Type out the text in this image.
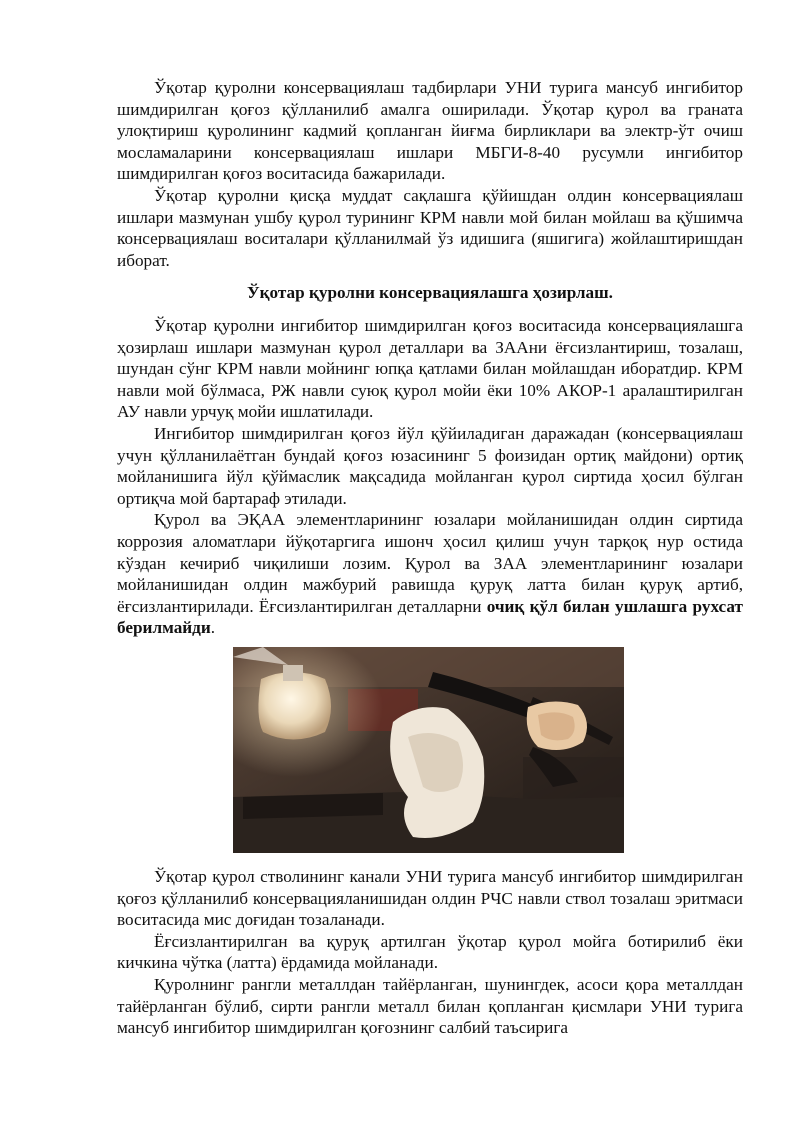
Ўқотар қуролни консервациялаш тадбирлари УНИ турига мансуб ингибитор шимдирилган қоғоз қўлланилиб амалга оширилади. Ўқотар қурол ва граната улоқтириш қуролининг кадмий қопланган йиғма бирликлари ва электр-ўт очиш мосламаларини консервациялаш ишлари МБГИ-8-40 русумли ингибитор шимдирилган қоғоз воситасида бажарилади.

Ўқотар қуролни қисқа муддат сақлашга қўйишдан олдин консервациялаш ишлари мазмунан ушбу қурол турининг КРМ навли мой билан мойлаш ва қўшимча консервациялаш воситалари қўлланилмай ўз идишига (яшигига) жойлаштиришдан иборат.

Ўқотар қуролни консервациялашга ҳозирлаш.

Ўқотар қуролни ингибитор шимдирилган қоғоз воситасида консервациялашга ҳозирлаш ишлари мазмунан қурол деталлари ва ЗААни ёғсизлантириш, тозалаш, шундан сўнг КРМ навли мойнинг юпқа қатлами билан мойлашдан иборатдир. КРМ навли мой бўлмаса, РЖ навли суюқ қурол мойи ёки 10% АКОР-1 аралаштирилган АУ навли урчуқ мойи ишлатилади.

Ингибитор шимдирилган қоғоз йўл қўйиладиган даражадан (консервациялаш учун қўлланилаётган бундай қоғоз юзасининг 5 фоизидан ортиқ майдони) ортиқ мойланишига йўл қўймаслик мақсадида мойланган қурол сиртида ҳосил бўлган ортиқча мой бартараф этилади.

Қурол ва ЭҚАА элементларининг юзалари мойланишидан олдин сиртида коррозия аломатлари йўқотаргига ишонч ҳосил қилиш учун тарқоқ нур остида кўздан кечириб чиқилиши лозим. Қурол ва ЗАА элементларининг юзалари мойланишидан олдин мажбурий равишда қуруқ латта билан қуруқ артиб, ёғсизлантирилади. Ёғсизлантирилган деталларни очиқ қўл билан ушлашга рухсат берилмайди.

Ўқотар қурол стволининг канали УНИ турига мансуб ингибитор шимдирилган қоғоз қўлланилиб консервацияланишидан олдин РЧС навли ствол тозалаш эритмаси воситасида мис доғидан тозаланади.

Ёғсизлантирилган ва қуруқ артилган ўқотар қурол мойга ботирилиб ёки кичкина чўтка (латта) ёрдамида мойланади.

Қуролнинг рангли металлдан тайёрланган, шунингдек, асоси қора металлдан тайёрланган бўлиб, сирти рангли металл билан қопланган қисмлари УНИ турига мансуб ингибитор шимдирилган қоғознинг салбий таъсирига
